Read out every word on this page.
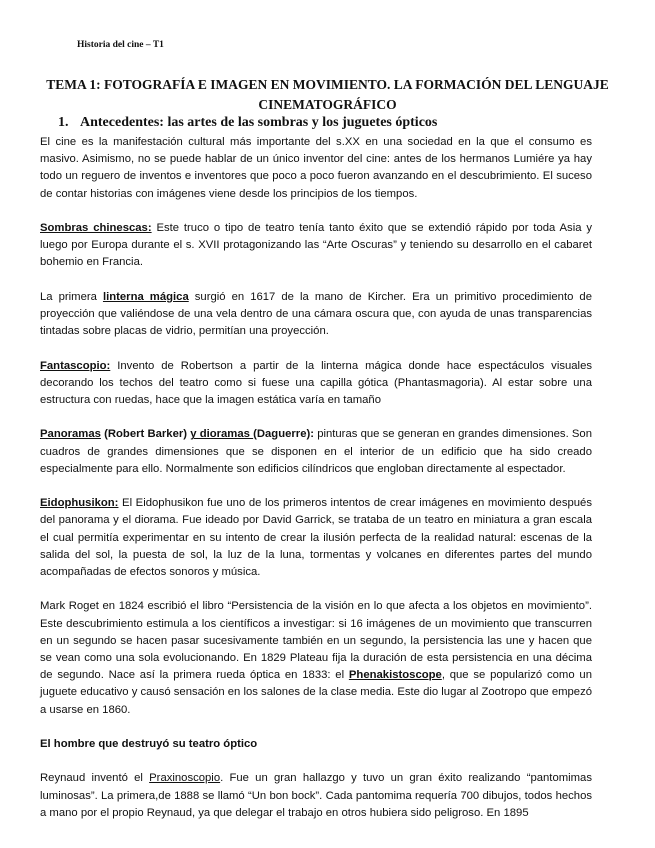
Historia del cine – T1
TEMA 1: FOTOGRAFÍA E IMAGEN EN MOVIMIENTO. LA FORMACIÓN DEL LENGUAJE CINEMATOGRÁFICO
1. Antecedentes: las artes de las sombras y los juguetes ópticos

El cine es la manifestación cultural más importante del s.XX en una sociedad en la que el consumo es masivo. Asimismo, no se puede hablar de un único inventor del cine: antes de los hermanos Lumiére ya hay todo un reguero de inventos e inventores que poco a poco fueron avanzando en el descubrimiento. El suceso de contar historias con imágenes viene desde los principios de los tiempos.

Sombras chinescas: Este truco o tipo de teatro tenía tanto éxito que se extendió rápido por toda Asia y luego por Europa durante el s. XVII protagonizando las “Arte Oscuras” y teniendo su desarrollo en el cabaret bohemio en Francia.

La primera linterna mágica surgió en 1617 de la mano de Kircher. Era un primitivo procedimiento de proyección que valiéndose de una vela dentro de una cámara oscura que, con ayuda de unas transparencias tintadas sobre placas de vidrio, permitían una proyección.

Fantascopio: Invento de Robertson a partir de la linterna mágica donde hace espectáculos visuales decorando los techos del teatro como si fuese una capilla gótica (Phantasmagoria). Al estar sobre una estructura con ruedas, hace que la imagen estática varía en tamaño

Panoramas (Robert Barker) y dioramas (Daguerre): pinturas que se generan en grandes dimensiones. Son cuadros de grandes dimensiones que se disponen en el interior de un edificio que ha sido creado especialmente para ello. Normalmente son edificios cilíndricos que engloban directamente al espectador.

Eidophusikon: El Eidophusikon fue uno de los primeros intentos de crear imágenes en movimiento después del panorama y el diorama. Fue ideado por David Garrick, se trataba de un teatro en miniatura a gran escala el cual permitía experimentar en su intento de crear la ilusión perfecta de la realidad natural: escenas de la salida del sol, la puesta de sol, la luz de la luna, tormentas y volcanes en diferentes partes del mundo acompañadas de efectos sonoros y música.

Mark Roget en 1824 escribió el libro “Persistencia de la visión en lo que afecta a los objetos en movimiento”. Este descubrimiento estimula a los científicos a investigar: si 16 imágenes de un movimiento que transcurren en un segundo se hacen pasar sucesivamente también en un segundo, la persistencia las une y hacen que se vean como una sola evolucionando. En 1829 Plateau fija la duración de esta persistencia en una décima de segundo. Nace así la primera rueda óptica en 1833: el Phenakistoscope, que se popularizó como un juguete educativo y causó sensación en los salones de la clase media. Este dio lugar al Zootropo que empezó a usarse en 1860.

El hombre que destruyó su teatro óptico

Reynaud inventó el Praxinoscopio. Fue un gran hallazgo y tuvo un gran éxito realizando “pantomimas luminosas”. La primera,de 1888 se llamó “Un bon bock”. Cada pantomima requería 700 dibujos, todos hechos a mano por el propio Reynaud, ya que delegar el trabajo en otros hubiera sido peligroso. En 1895
